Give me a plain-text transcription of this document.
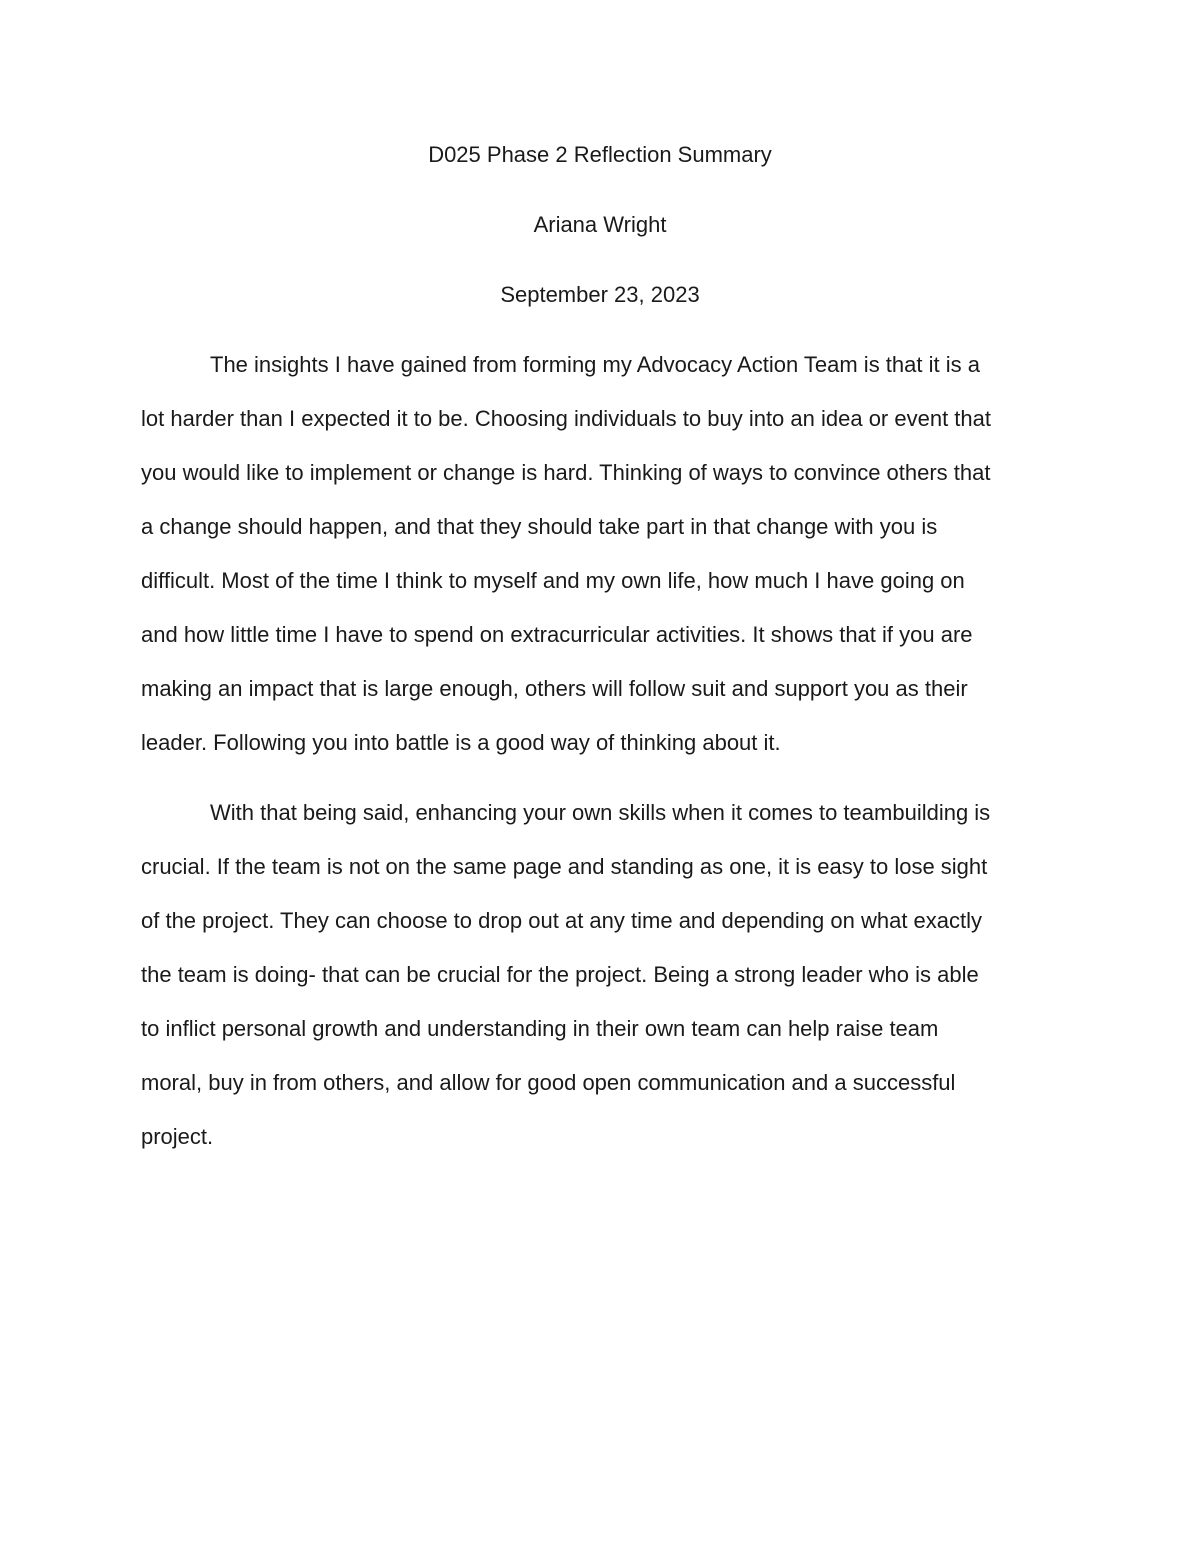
D025 Phase 2 Reflection Summary
Ariana Wright
September 23, 2023
The insights I have gained from forming my Advocacy Action Team is that it is a
lot harder than I expected it to be. Choosing individuals to buy into an idea or event that
you would like to implement or change is hard. Thinking of ways to convince others that
a change should happen, and that they should take part in that change with you is
difficult. Most of the time I think to myself and my own life, how much I have going on
and how little time I have to spend on extracurricular activities. It shows that if you are
making an impact that is large enough, others will follow suit and support you as their
leader. Following you into battle is a good way of thinking about it.
With that being said, enhancing your own skills when it comes to teambuilding is
crucial. If the team is not on the same page and standing as one, it is easy to lose sight
of the project. They can choose to drop out at any time and depending on what exactly
the team is doing- that can be crucial for the project. Being a strong leader who is able
to inflict personal growth and understanding in their own team can help raise team
moral, buy in from others, and allow for good open communication and a successful
project.
